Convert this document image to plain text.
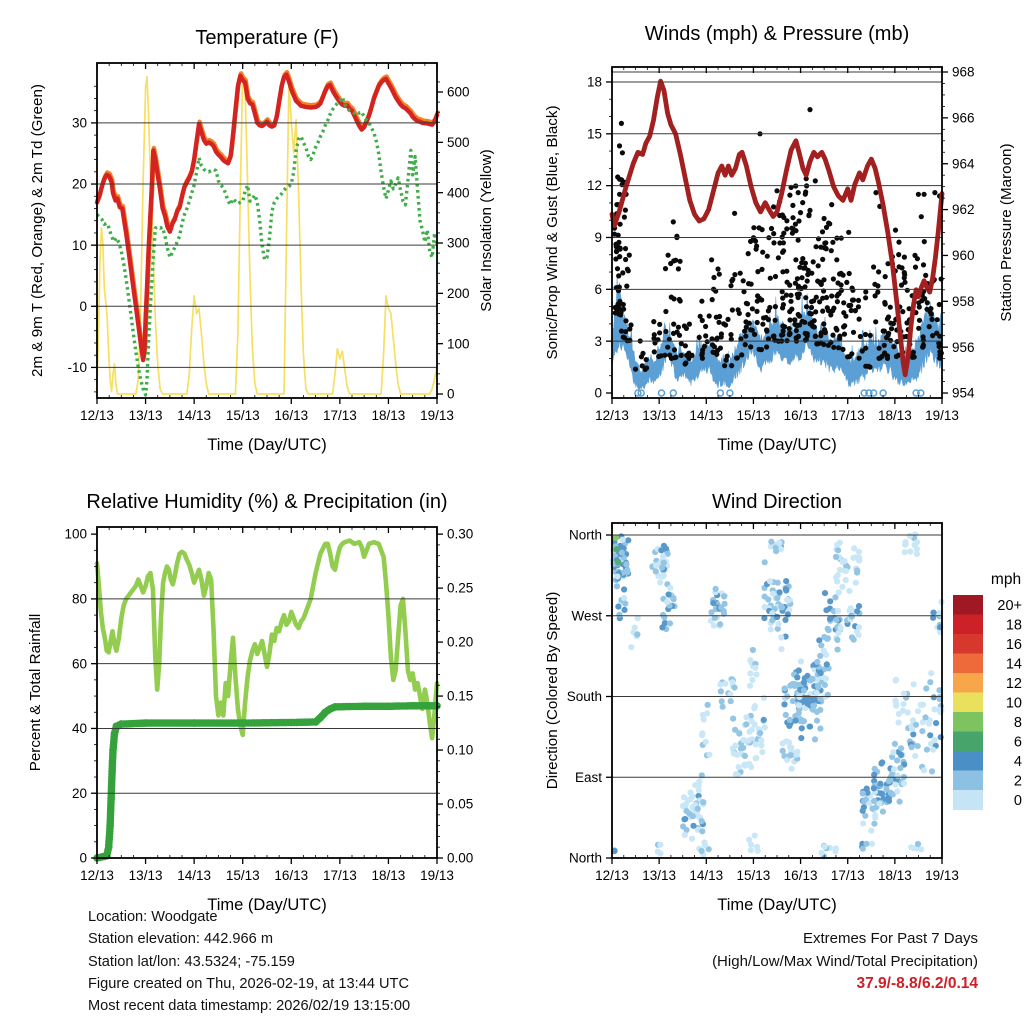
Temperature (F)
2m & 9m T (Red, Orange) & 2m Td (Green)	Solar Insolation (Yellow)
Time (Day/UTC)
12/13 13/13 14/13 15/13 16/13 17/13 18/13 19/13
30
20
10
0
-10
600
500
400
300
200
100
0
Winds (mph) & Pressure (mb)
Sonic/Prop Wind & Gust (Blue, Black)	Station Pressure (Maroon)
Time (Day/UTC)
12/13 13/13 14/13 15/13 16/13 17/13 18/13 19/13
18
15
12
9
6
3
0
968
966
964
962
960
958
956
954
Relative Humidity (%) & Precipitation (in)
Percent & Total Rainfall
Time (Day/UTC)
12/13 13/13 14/13 15/13 16/13 17/13 18/13 19/13
100
80
60
40
20
0
0.30
0.25
0.20
0.15
0.10
0.05
0.00
Wind Direction
Direction (Colored By Speed)
Time (Day/UTC)
12/13 13/13 14/13 15/13 16/13 17/13 18/13 19/13
North
West
South
East
North
mph
20+
18
16
14
12
10
8
6
4
2
0
Location: Woodgate
Station elevation: 442.966 m
Station lat/lon: 43.5324; -75.159
Figure created on Thu, 2026-02-19, at 13:44 UTC
Most recent data timestamp: 2026/02/19 13:15:00
Extremes For Past 7 Days
(High/Low/Max Wind/Total Precipitation)
37.9/-8.8/6.2/0.14
